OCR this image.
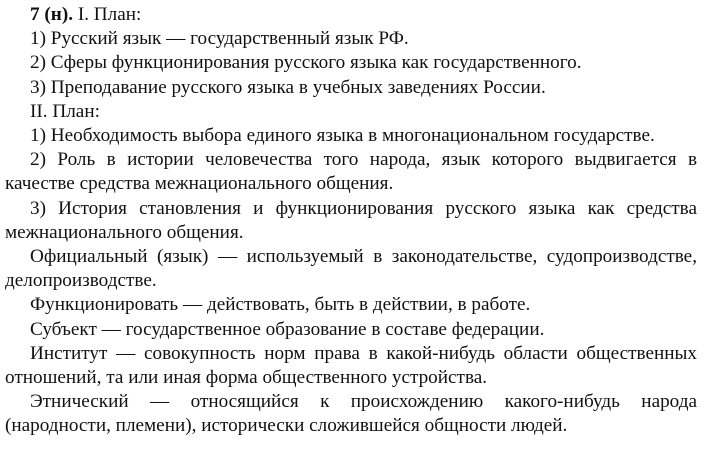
7 (н). I. План:

1) Русский язык — государственный язык РФ.

2) Сферы функционирования русского языка как государственного.

3) Преподавание русского языка в учебных заведениях России.

II. План:

1) Необходимость выбора единого языка в многонациональном государстве.

2) Роль в истории человечества того народа, язык которого выдвигается в качестве средства межнационального общения.

3) История становления и функционирования русского языка как средства межнационального общения.

Официальный (язык) — используемый в законодательстве, судопроизводстве, делопроизводстве.

Функционировать — действовать, быть в действии, в работе.

Субъект — государственное образование в составе федерации.

Институт — совокупность норм права в какой-нибудь области общественных отношений, та или иная форма общественного устройства.

Этнический — относящийся к происхождению какого-нибудь народа (народности, племени), исторически сложившейся общности людей.
